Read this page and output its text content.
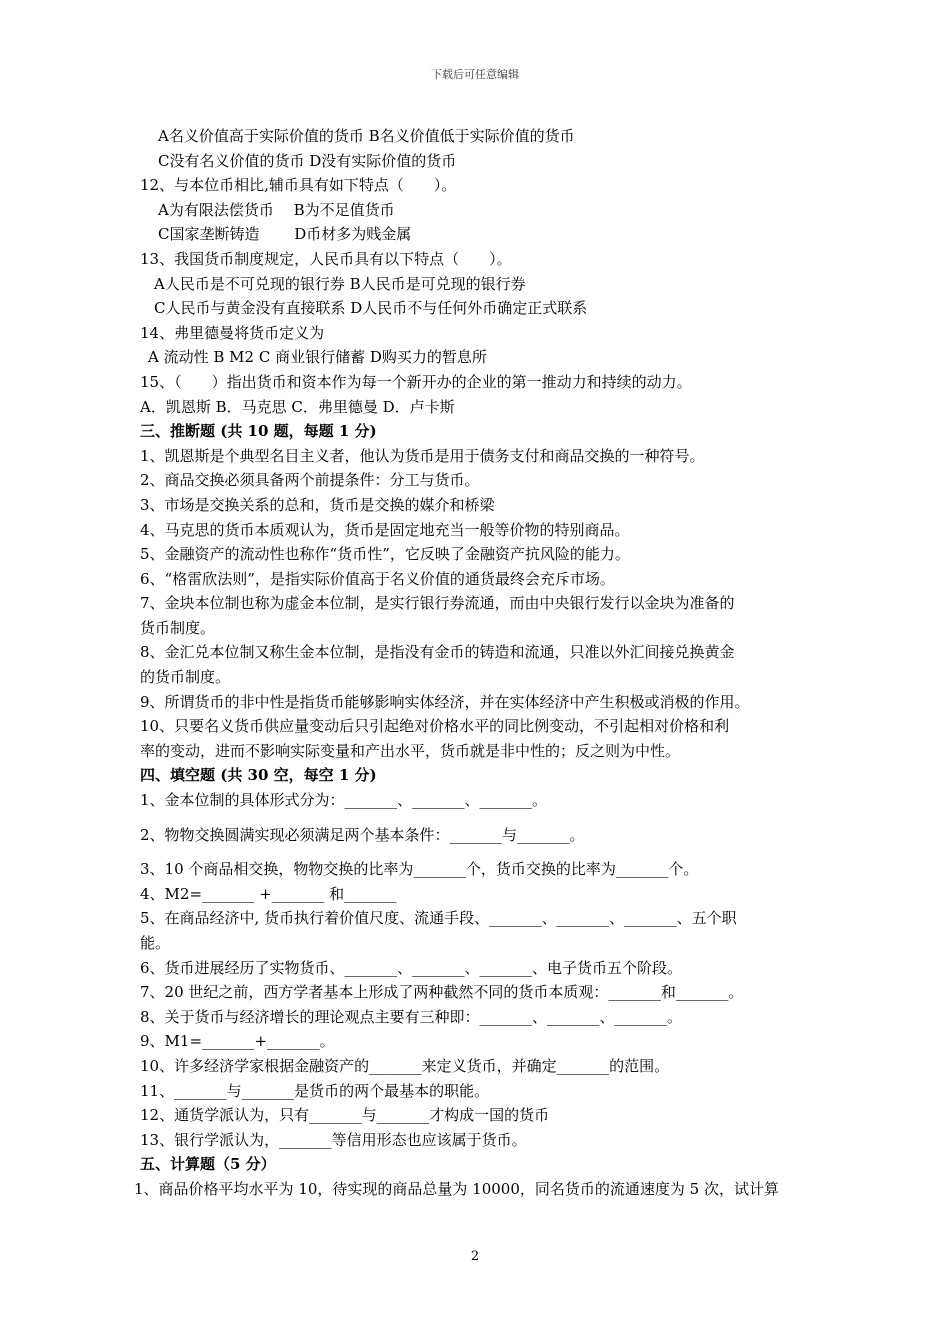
下载后可任意编辑
A名义价值高于实际价值的货币 B名义价值低于实际价值的货币
C没有名义价值的货币 D没有实际价值的货币
12、与本位币相比,辅币具有如下特点（　　）。
A为有限法偿货币　 B为不足值货币
C国家垄断铸造　　 D币材多为贱金属
13、我国货币制度规定，人民币具有以下特点（　　）。
A人民币是不可兑现的银行券 B人民币是可兑现的银行券
C人民币与黄金没有直接联系 D人民币不与任何外币确定正式联系
14、弗里德曼将货币定义为
A 流动性 B M2 C 商业银行储蓄 D购买力的暂息所
15、（　　）指出货币和资本作为每一个新开办的企业的第一推动力和持续的动力。
A．凯恩斯 B．马克思 C．弗里德曼 D．卢卡斯
三、推断题 (共 10 题，每题 1 分)
1、凯恩斯是个典型名目主义者，他认为货币是用于债务支付和商品交换的一种符号。
2、商品交换必须具备两个前提条件：分工与货币。
3、市场是交换关系的总和，货币是交换的媒介和桥梁
4、马克思的货币本质观认为，货币是固定地充当一般等价物的特别商品。
5、金融资产的流动性也称作“货币性”，它反映了金融资产抗风险的能力。
6、“格雷欣法则”，是指实际价值高于名义价值的通货最终会充斥市场。
7、金块本位制也称为虚金本位制，是实行银行券流通，而由中央银行发行以金块为准备的
货币制度。
8、金汇兑本位制又称生金本位制，是指没有金币的铸造和流通，只准以外汇间接兑换黄金
的货币制度。
9、所谓货币的非中性是指货币能够影响实体经济，并在实体经济中产生积极或消极的作用。
10、只要名义货币供应量变动后只引起绝对价格水平的同比例变动，不引起相对价格和利
率的变动，进而不影响实际变量和产出水平，货币就是非中性的；反之则为中性。
四、填空题 (共 30 空，每空 1 分)
1、金本位制的具体形式分为：_______、_______、_______。
2、物物交换圆满实现必须满足两个基本条件：_______与_______。
3、10 个商品相交换，物物交换的比率为_______个，货币交换的比率为_______个。
4、M2=_______ +_______ 和_______
5、在商品经济中, 货币执行着价值尺度、流通手段、_______、_______、_______、五个职
能。
6、货币进展经历了实物货币、_______、_______、_______、电子货币五个阶段。
7、20 世纪之前，西方学者基本上形成了两种截然不同的货币本质观：_______和_______。
8、关于货币与经济增长的理论观点主要有三种即：_______、_______、_______。
9、M1=_______+_______。
10、许多经济学家根据金融资产的_______来定义货币，并确定_______的范围。
11、_______与_______是货币的两个最基本的职能。
12、通货学派认为，只有_______与_______才构成一国的货币
13、银行学派认为，_______等信用形态也应该属于货币。
五、计算题（5 分）
1、商品价格平均水平为 10，待实现的商品总量为 10000，同名货币的流通速度为 5 次，试计算
2
